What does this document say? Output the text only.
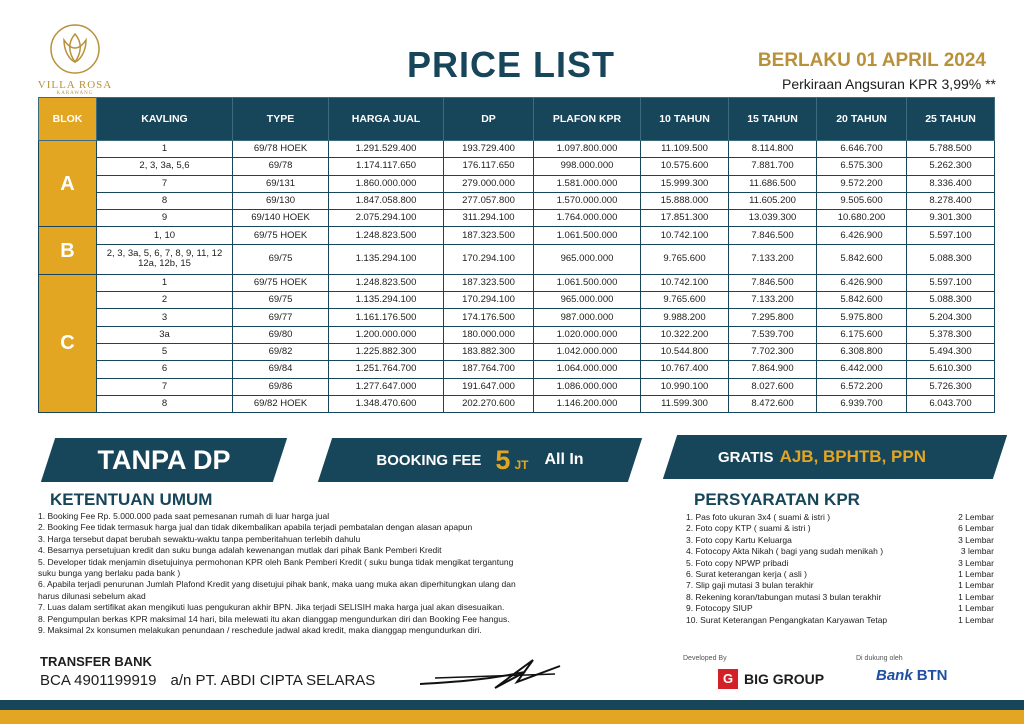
VILLA ROSA
KARAWANG
PRICE LIST	BERLAKU 01 APRIL 2024
Perkiraan Angsuran KPR 3,99% **
BLOK	KAVLING	TYPE	HARGA JUAL	DP	PLAFON KPR	10 TAHUN	15 TAHUN	20 TAHUN	25 TAHUN
A	1	69/78 HOEK	1.291.529.400	193.729.400	1.097.800.000	11.109.500	8.114.800	6.646.700	5.788.500
	2, 3, 3a, 5,6	69/78	1.174.117.650	176.117.650	998.000.000	10.575.600	7.881.700	6.575.300	5.262.300
	7	69/131	1.860.000.000	279.000.000	1.581.000.000	15.999.300	11.686.500	9.572.200	8.336.400
	8	69/130	1.847.058.800	277.057.800	1.570.000.000	15.888.000	11.605.200	9.505.600	8.278.400
	9	69/140 HOEK	2.075.294.100	311.294.100	1.764.000.000	17.851.300	13.039.300	10.680.200	9.301.300
B	1, 10	69/75 HOEK	1.248.823.500	187.323.500	1.061.500.000	10.742.100	7.846.500	6.426.900	5.597.100
	2, 3, 3a, 5, 6, 7, 8, 9, 11, 12 12a, 12b, 15	69/75	1.135.294.100	170.294.100	965.000.000	9.765.600	7.133.200	5.842.600	5.088.300
C	1	69/75 HOEK	1.248.823.500	187.323.500	1.061.500.000	10.742.100	7.846.500	6.426.900	5.597.100
	2	69/75	1.135.294.100	170.294.100	965.000.000	9.765.600	7.133.200	5.842.600	5.088.300
	3	69/77	1.161.176.500	174.176.500	987.000.000	9.988.200	7.295.800	5.975.800	5.204.300
	3a	69/80	1.200.000.000	180.000.000	1.020.000.000	10.322.200	7.539.700	6.175.600	5.378.300
	5	69/82	1.225.882.300	183.882.300	1.042.000.000	10.544.800	7.702.300	6.308.800	5.494.300
	6	69/84	1.251.764.700	187.764.700	1.064.000.000	10.767.400	7.864.900	6.442.000	5.610.300
	7	69/86	1.277.647.000	191.647.000	1.086.000.000	10.990.100	8.027.600	6.572.200	5.726.300
	8	69/82 HOEK	1.348.470.600	202.270.600	1.146.200.000	11.599.300	8.472.600	6.939.700	6.043.700
TANPA DP	BOOKING FEE 5 JT All In	GRATIS AJB, BPHTB, PPN
KETENTUAN UMUM
1. Booking Fee Rp. 5.000.000 pada saat pemesanan rumah di luar harga jual
2. Booking Fee tidak termasuk harga jual dan tidak dikembalikan apabila terjadi pembatalan dengan alasan apapun
3. Harga tersebut dapat berubah sewaktu-waktu tanpa pemberitahuan terlebih dahulu
4. Besarnya persetujuan kredit dan suku bunga adalah kewenangan mutlak dari pihak Bank Pemberi Kredit
5. Developer tidak menjamin disetujuinya permohonan KPR oleh Bank Pemberi Kredit ( suku bunga tidak mengikat tergantung
suku bunga yang berlaku pada bank )
6. Apabila terjadi penurunan Jumlah Plafond Kredit yang disetujui pihak bank, maka uang muka akan diperhitungkan ulang dan
harus dilunasi sebelum akad
7. Luas dalam sertifikat akan mengikuti luas pengukuran akhir BPN. Jika terjadi SELISIH maka harga jual akan disesuaikan.
8. Pengumpulan berkas KPR maksimal 14 hari, bila melewati itu akan dianggap mengundurkan diri dan Booking Fee hangus.
9. Maksimal 2x konsumen melakukan penundaan / reschedule jadwal akad kredit, maka dianggap mengundurkan diri.
PERSYARATAN KPR
1. Pas foto ukuran 3x4 ( suami & istri )	2 Lembar
2. Foto copy KTP ( suami & istri )	6 Lembar
3. Foto copy Kartu Keluarga	3 Lembar
4. Fotocopy Akta Nikah ( bagi yang sudah menikah )	3 lembar
5. Foto copy NPWP pribadi	3 Lembar
6. Surat keterangan kerja ( asli )	1 Lembar
7. Slip gaji mutasi 3 bulan terakhir	1 Lembar
8. Rekening koran/tabungan mutasi 3 bulan terakhir	1 Lembar
9. Fotocopy SIUP	1 Lembar
10. Surat Keterangan Pengangkatan Karyawan Tetap	1 Lembar
TRANSFER BANK
BCA 4901199919 a/n PT. ABDI CIPTA SELARAS
Developed By
G BIG GROUP
Di dukung oleh
Bank BTN
